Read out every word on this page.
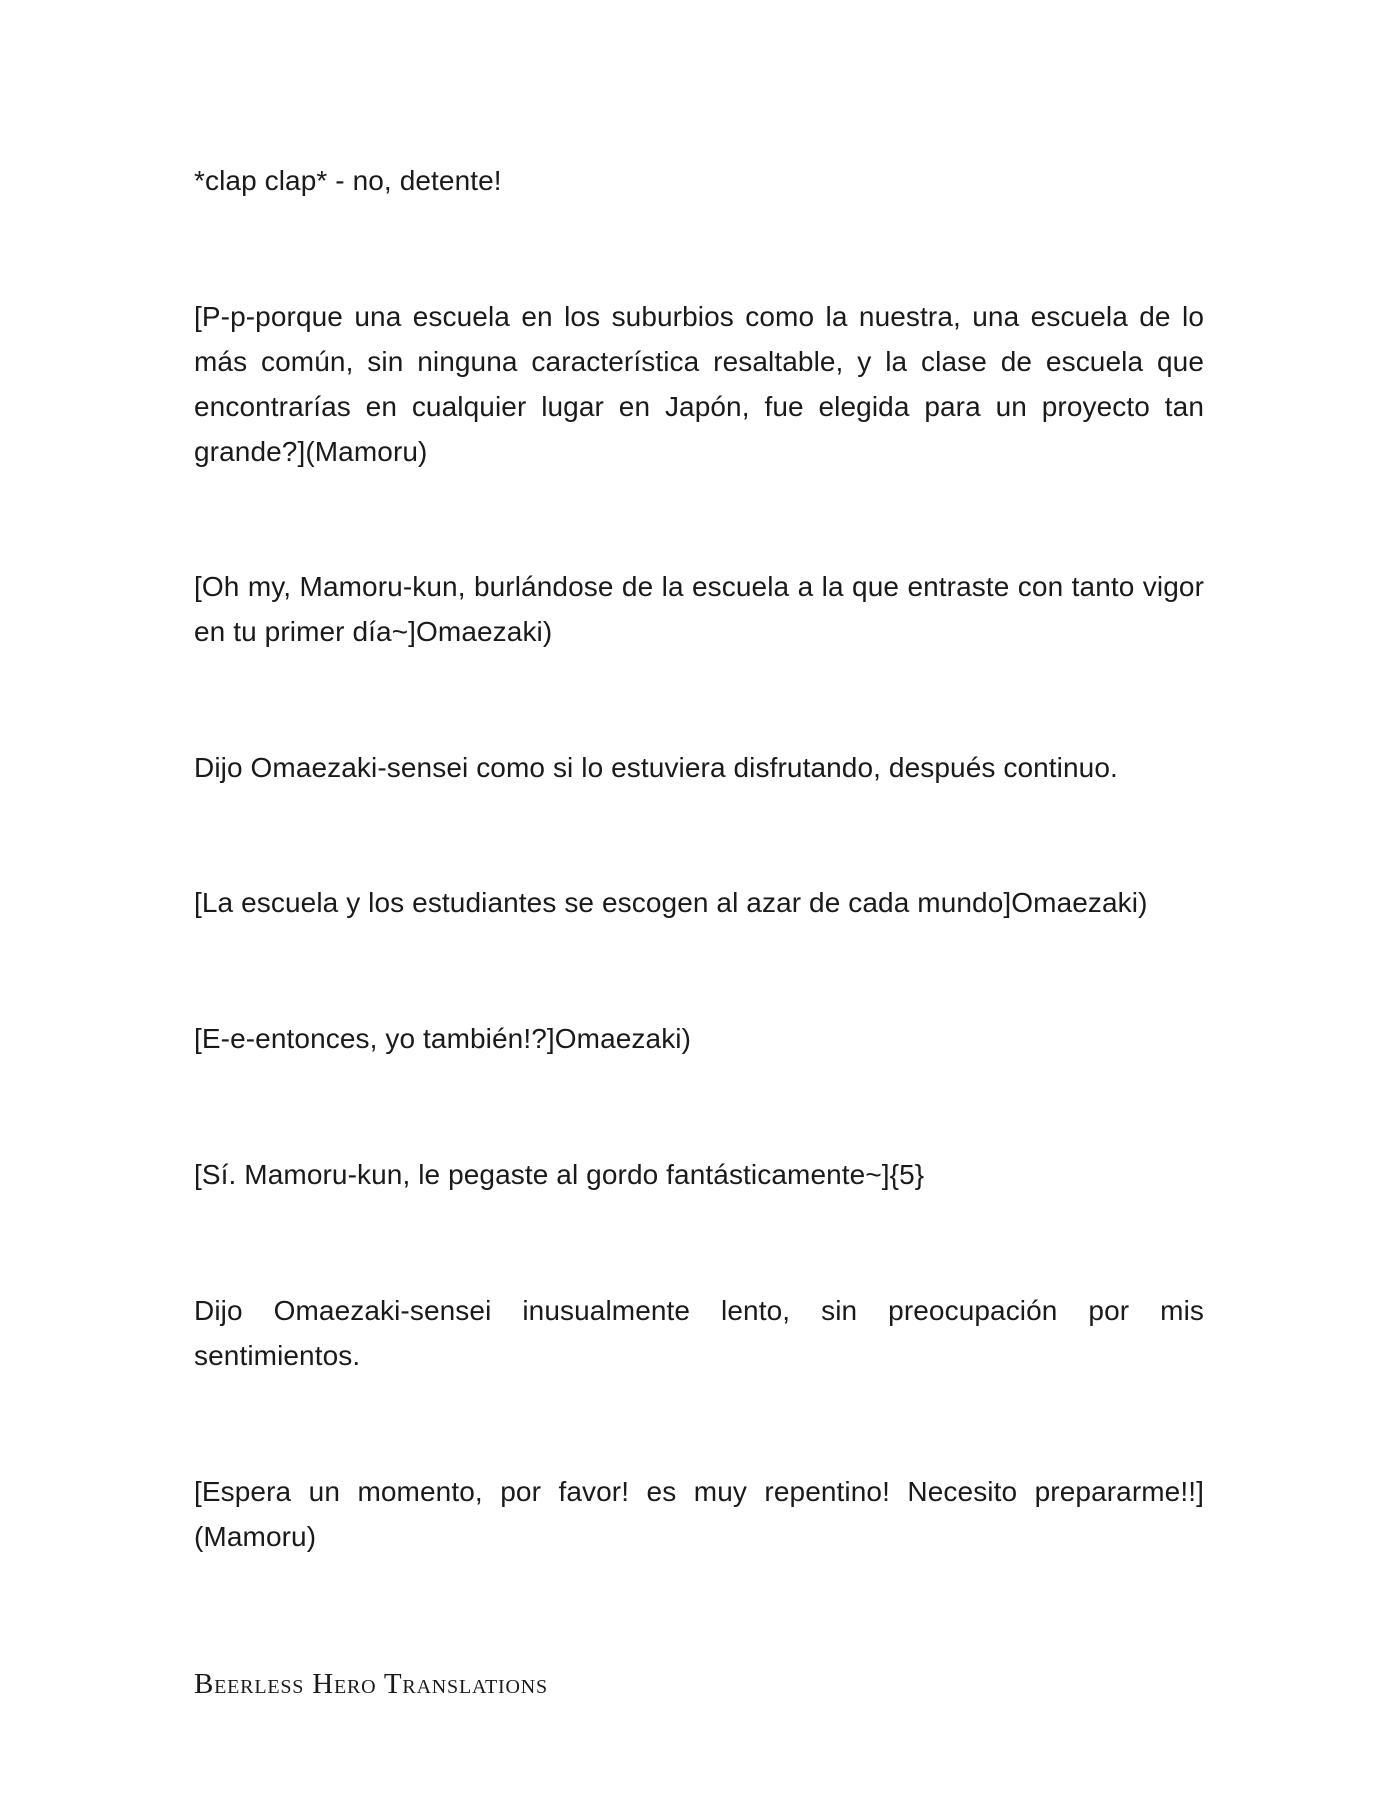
*clap clap* - no, detente!

[P-p-porque una escuela en los suburbios como la nuestra, una escuela de lo más común, sin ninguna característica resaltable, y la clase de escuela que encontrarías en cualquier lugar en Japón, fue elegida para un proyecto tan grande?](Mamoru)

[Oh my, Mamoru-kun, burlándose de la escuela a la que entraste con tanto vigor en tu primer día~]Omaezaki)

Dijo Omaezaki-sensei como si lo estuviera disfrutando, después continuo.

[La escuela y los estudiantes se escogen al azar de cada mundo]Omaezaki)

[E-e-entonces, yo también!?]Omaezaki)

[Sí. Mamoru-kun, le pegaste al gordo fantásticamente~]{5}

Dijo Omaezaki-sensei inusualmente lento, sin preocupación por mis sentimientos.

[Espera un momento, por favor! es muy repentino! Necesito prepararme!!](Mamoru)

Beerless Hero Translations
